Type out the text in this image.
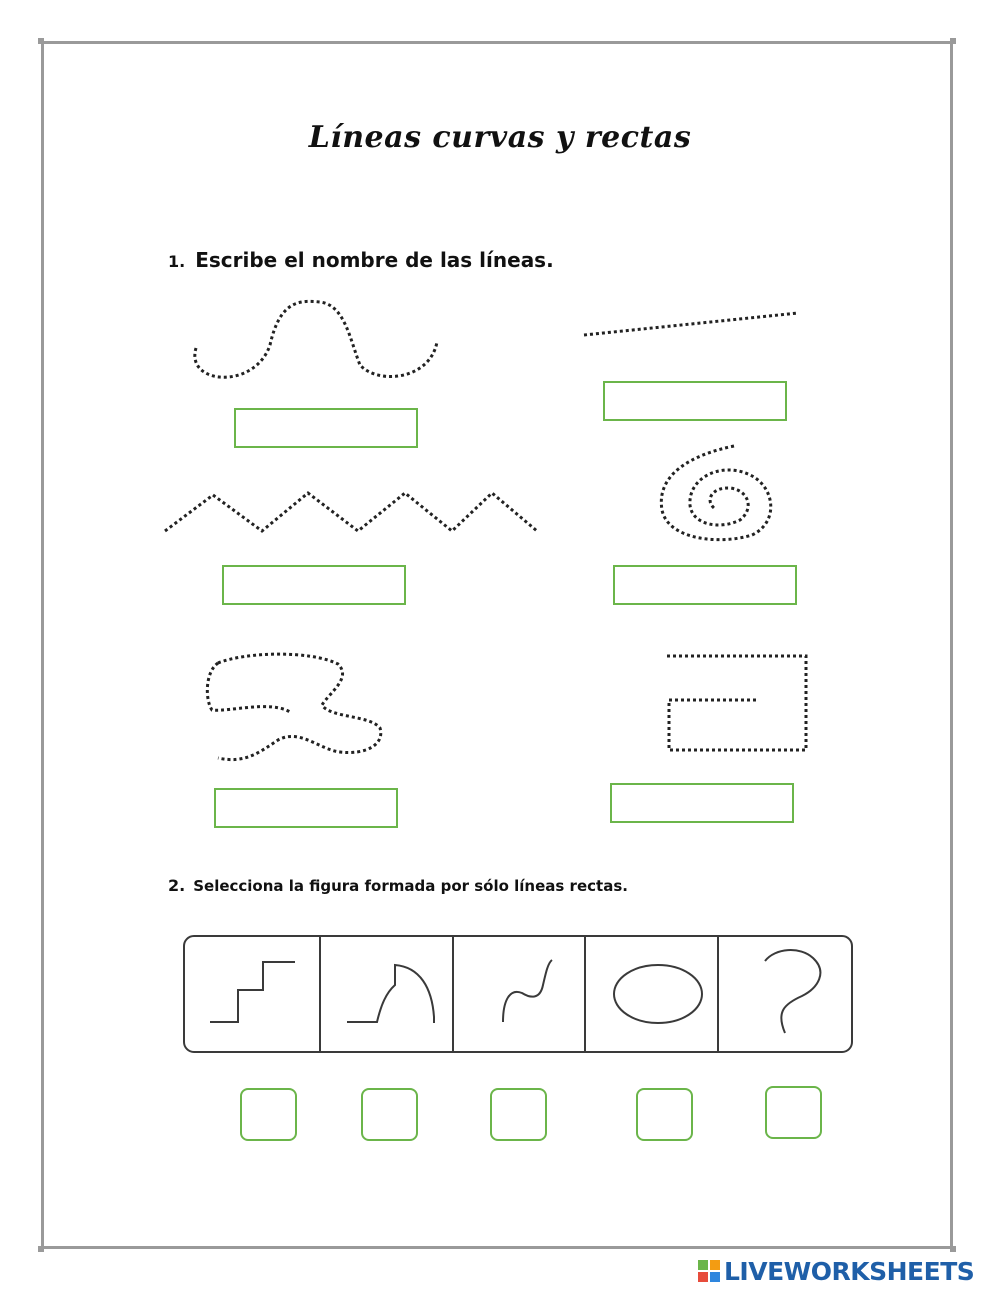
Líneas curvas y rectas
1. Escribe el nombre de las líneas.
2. Selecciona la figura formada por sólo líneas rectas.
LIVEWORKSHEETS
